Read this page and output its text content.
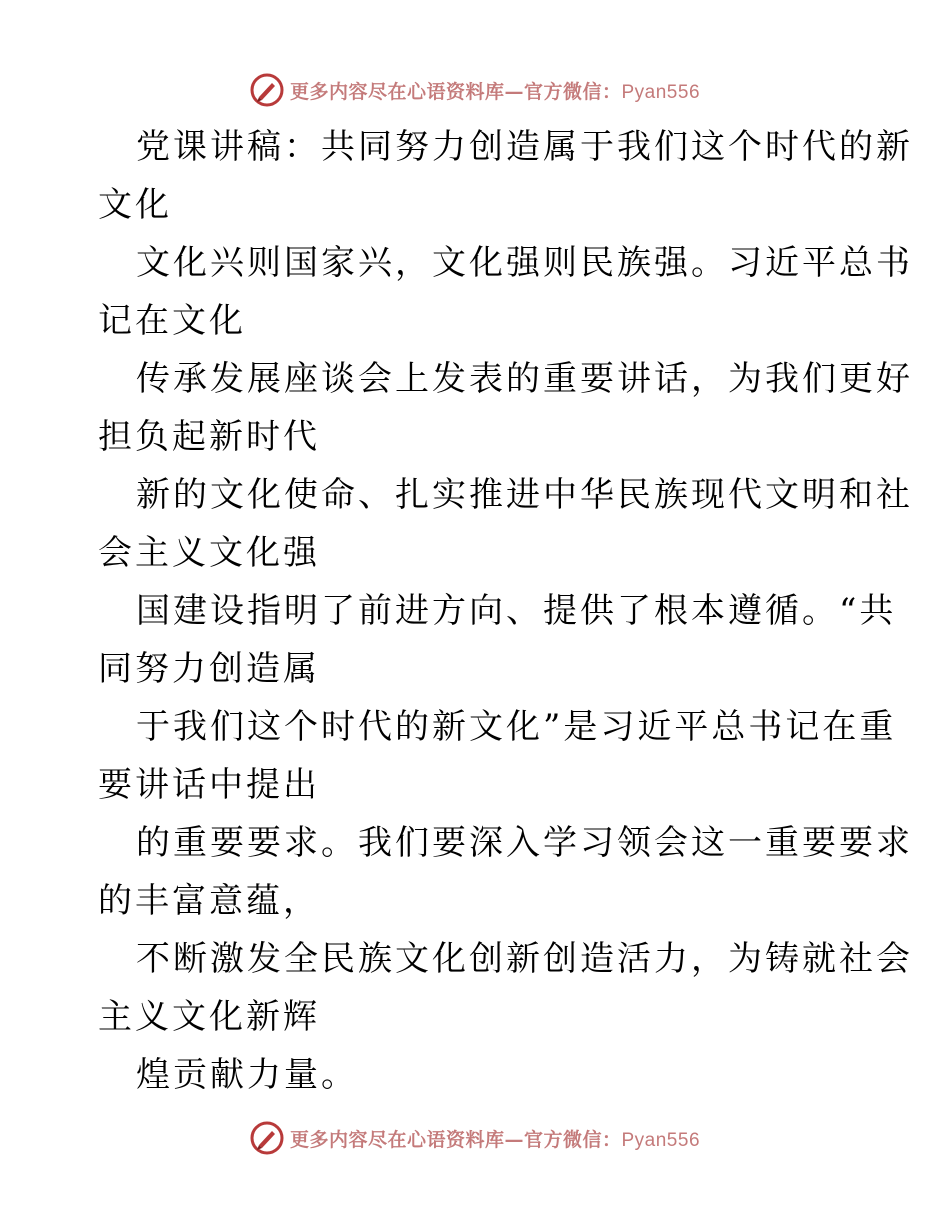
更多内容尽在心语资料库—官方微信：Pyan556
党课讲稿：共同努力创造属于我们这个时代的新
文化
文化兴则国家兴，文化强则民族强。习近平总书
记在文化
传承发展座谈会上发表的重要讲话，为我们更好
担负起新时代
新的文化使命、扎实推进中华民族现代文明和社
会主义文化强
国建设指明了前进方向、提供了根本遵循。“共
同努力创造属
于我们这个时代的新文化”是习近平总书记在重
要讲话中提出
的重要要求。我们要深入学习领会这一重要要求
的丰富意蕴，
不断激发全民族文化创新创造活力，为铸就社会
主义文化新辉
煌贡献力量。
更多内容尽在心语资料库—官方微信：Pyan556
